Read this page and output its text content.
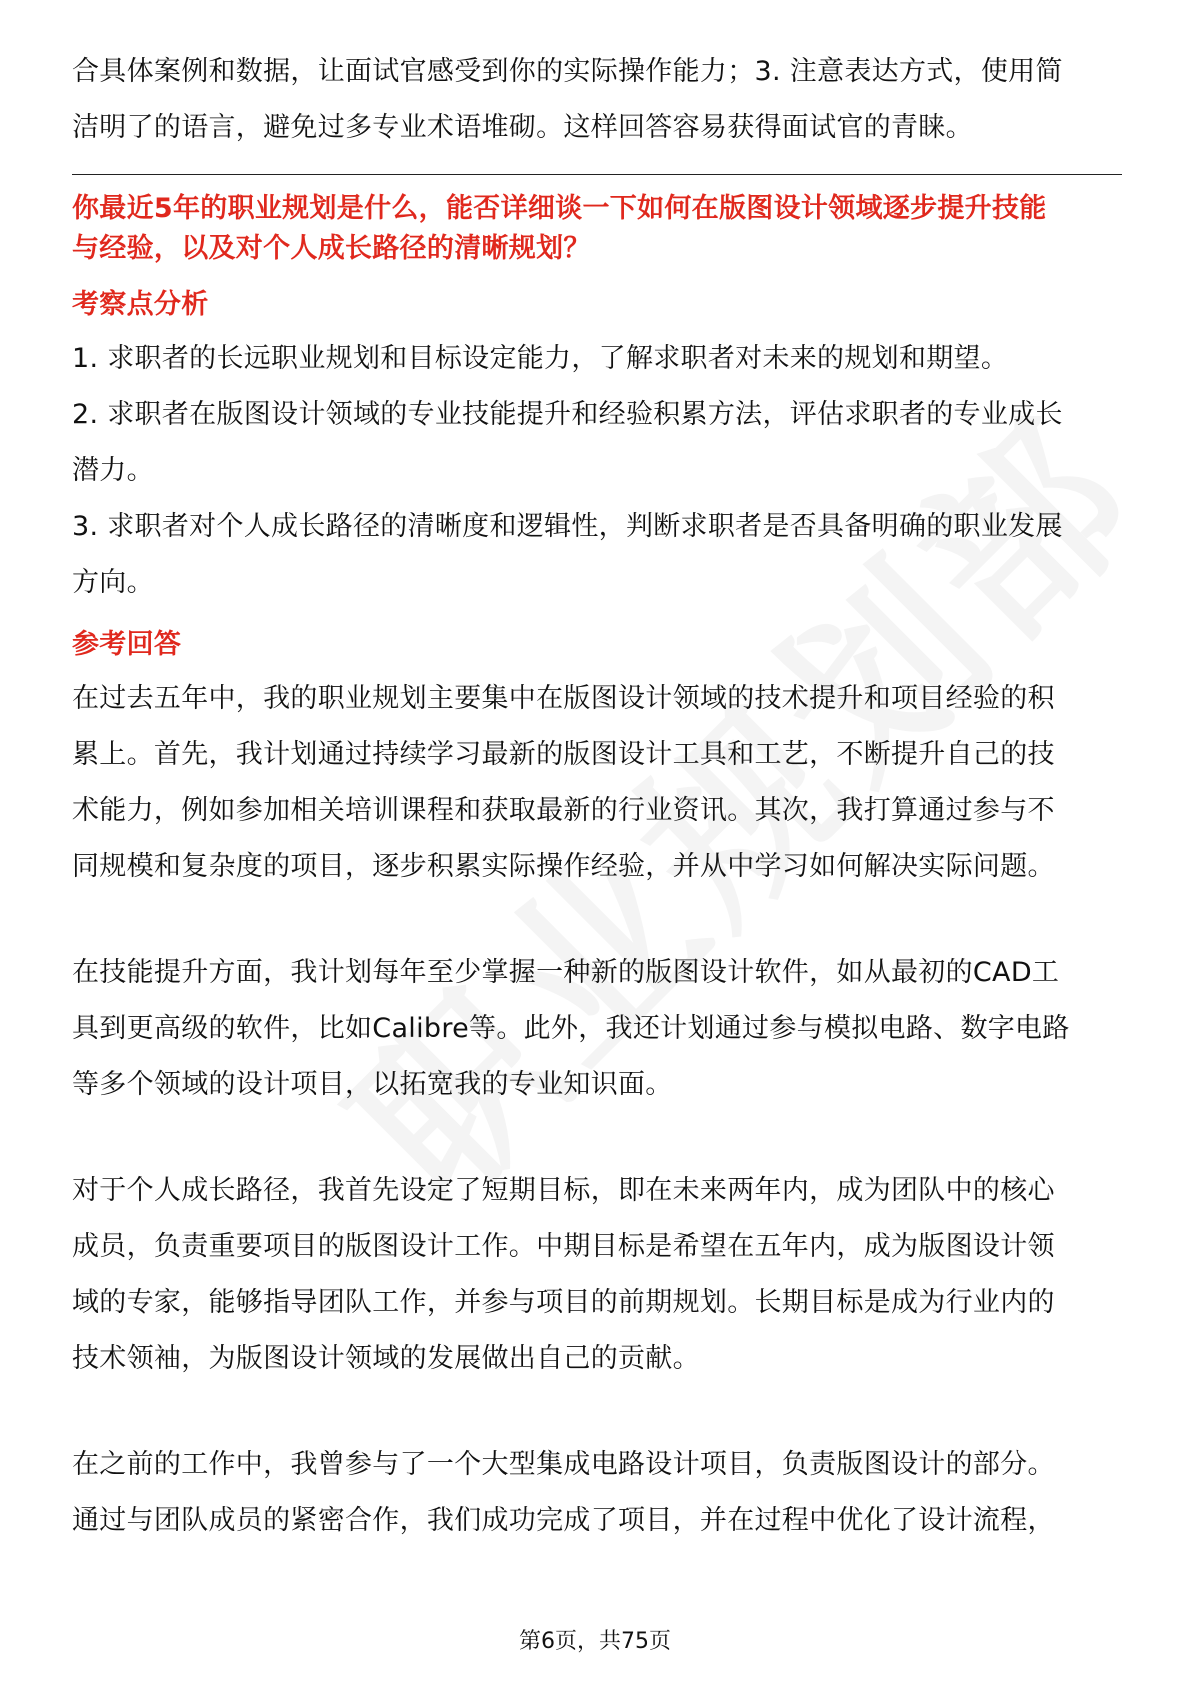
合具体案例和数据，让面试官感受到你的实际操作能力；3. 注意表达方式，使用简

洁明了的语言，避免过多专业术语堆砌。这样回答容易获得面试官的青睐。

你最近5年的职业规划是什么，能否详细谈一下如何在版图设计领域逐步提升技能

与经验，以及对个人成长路径的清晰规划？

考察点分析

1. 求职者的长远职业规划和目标设定能力，了解求职者对未来的规划和期望。

2. 求职者在版图设计领域的专业技能提升和经验积累方法，评估求职者的专业成长

潜力。

3. 求职者对个人成长路径的清晰度和逻辑性，判断求职者是否具备明确的职业发展

方向。

参考回答

在过去五年中，我的职业规划主要集中在版图设计领域的技术提升和项目经验的积

累上。首先，我计划通过持续学习最新的版图设计工具和工艺，不断提升自己的技

术能力，例如参加相关培训课程和获取最新的行业资讯。其次，我打算通过参与不

同规模和复杂度的项目，逐步积累实际操作经验，并从中学习如何解决实际问题。

在技能提升方面，我计划每年至少掌握一种新的版图设计软件，如从最初的CAD工

具到更高级的软件，比如Calibre等。此外，我还计划通过参与模拟电路、数字电路

等多个领域的设计项目，以拓宽我的专业知识面。

对于个人成长路径，我首先设定了短期目标，即在未来两年内，成为团队中的核心

成员，负责重要项目的版图设计工作。中期目标是希望在五年内，成为版图设计领

域的专家，能够指导团队工作，并参与项目的前期规划。长期目标是成为行业内的

技术领袖，为版图设计领域的发展做出自己的贡献。

在之前的工作中，我曾参与了一个大型集成电路设计项目，负责版图设计的部分。

通过与团队成员的紧密合作，我们成功完成了项目，并在过程中优化了设计流程，

第6页，共75页
